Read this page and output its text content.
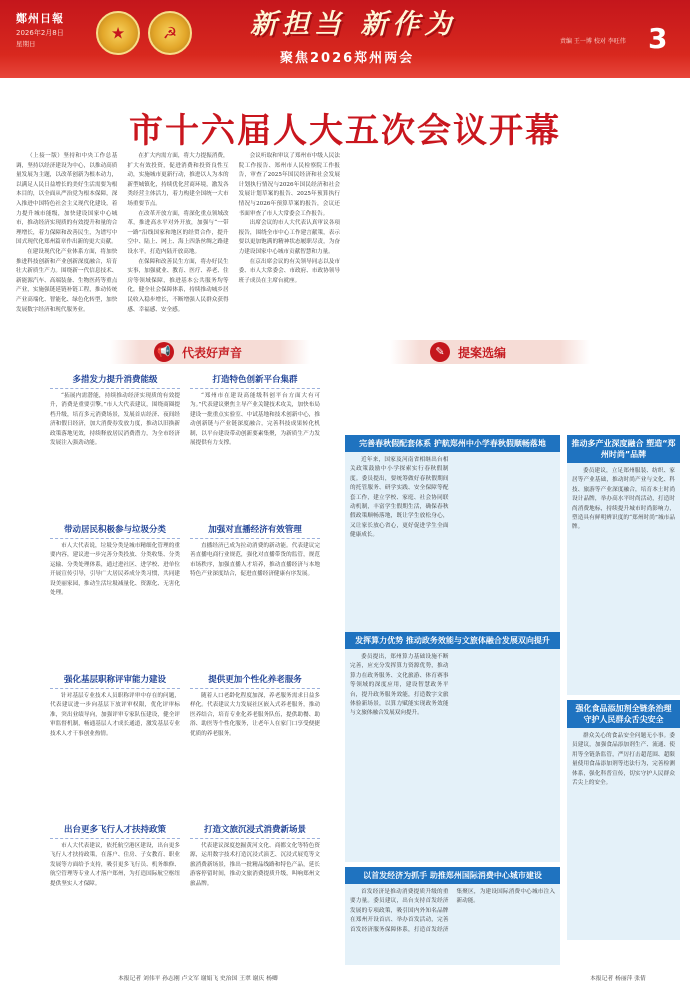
鄭州日報
2026年2月8日
星期日
★ ☭	新担当 新作为
聚焦2026郑州两会
责编 王一博 校对 李旺伟 3
市十六届人大五次会议开幕

（上接一版）坚持和中央工作总基调，坚持以经济建设为中心，以推动高质量发展为主题，以改革创新为根本动力，以满足人民日益增长的美好生活需要为根本目的，以全面从严治党为根本保障，深入推进中国特色社会主义现代化建设，着力提升城市能级，加快建设国家中心城市，推动经济实现质的有效提升和量的合理增长，着力保障和改善民生，为谱写中国式现代化郑州篇章作出新的更大贡献。

在建设现代化产业体系方面，将加快推进科技创新和产业创新深度融合，培育壮大新质生产力。围绕新一代信息技术、新能源汽车、高端装备、生物医药等重点产业，实施强链延链补链工程，推动传统产业高端化、智能化、绿色化转型，加快发展数字经济和现代服务业。

在扩大内需方面，将大力提振消费，扩大有效投资，促进消费和投资良性互动，实施城市更新行动，推进以人为本的新型城镇化，持续优化营商环境，激发各类经营主体活力，着力构建全国统一大市场重要节点。

在改革开放方面，将深化重点领域改革，推进高水平对外开放，加强与“一带一路”沿线国家和地区的经贸合作，提升空中、陆上、网上、海上四条丝绸之路建设水平，打造内陆开放高地。

在保障和改善民生方面，将办好民生实事，加强就业、教育、医疗、养老、住房等领域保障，推进基本公共服务均等化，健全社会保障体系，持续推动城乡居民收入稳步增长，不断增强人民群众获得感、幸福感、安全感。

会议听取和审议了郑州市中级人民法院工作报告、郑州市人民检察院工作报告，审查了2025年国民经济和社会发展计划执行情况与2026年国民经济和社会发展计划草案的报告、2025年预算执行情况与2026年预算草案的报告，会议还书面审查了市人大常委会工作报告。

出席会议的市人大代表认真审议各项报告，围绕全市中心工作建言献策，表示要以更加饱满的精神状态履职尽责，为奋力建设国家中心城市贡献智慧和力量。

在京出席会议的有关领导同志以及市委、市人大常委会、市政府、市政协领导班子成员在主席台就座。

📢 代表好声音	✎	提案选编
多措发力提升消费能级
“拓展内需潜能，持续推动经济实现质的有效提升，消费是重要引擎。”市人大代表建议，围绕商圈提档升级，培育多元消费场景，发展首店经济、夜间经济和假日经济，加大消费券发放力度，推动以旧换新政策落地见效，持续释放居民消费潜力，为全市经济发展注入强劲动能。
打造特色创新平台集群
“郑州市在建设高能级科创平台方面大有可为。”代表建议聚焦主导产业关键技术攻关，加快布局建设一批重点实验室、中试基地和技术创新中心，推动创新链与产业链深度融合，完善科技成果转化机制，以平台建设带动创新要素集聚，为新质生产力发展提供有力支撑。
带动居民积极参与垃圾分类
市人大代表说，垃圾分类是城市精细化管理的重要内容，建议进一步完善分类投放、分类收集、分类运输、分类处理体系，通过进社区、进学校、进单位开展宣传引导，引导广大居民养成分类习惯，共同建设美丽家园，推动生活垃圾减量化、资源化、无害化处理。
加强对直播经济有效管理
直播经济已成为拉动消费的新动能。代表建议完善直播电商行业规范，强化对直播带货的监管，规范市场秩序，加强直播人才培养，推动直播经济与本地特色产业深度结合，促进直播经济健康有序发展。
强化基层职称评审能力建设
针对基层专业技术人员职称评审中存在的问题，代表建议进一步向基层下放评审权限，优化评审标准，突出业绩导向，加强评审专家队伍建设，健全评审监督机制，畅通基层人才成长通道，激发基层专业技术人才干事创业热情。
提供更加个性化养老服务
随着人口老龄化程度加深，养老服务需求日益多样化。代表建议大力发展社区嵌入式养老服务，推动医养结合，培育专业化养老服务队伍，提供助餐、助浴、助医等个性化服务，让老年人在家门口享受便捷优质的养老服务。
出台更多飞行人才扶持政策
市人大代表建议，依托航空港区建设，出台更多飞行人才扶持政策，在落户、住房、子女教育、职业发展等方面给予支持，吸引更多飞行员、机务维修、航空管理等专业人才落户郑州，为打造国际航空枢纽提供坚实人才保障。
打造文旅沉浸式消费新场景
代表建议深度挖掘黄河文化、商都文化等特色资源，运用数字技术打造沉浸式演艺、沉浸式展览等文旅消费新场景，推出一批精品线路和特色产品，延长游客停留时间，推动文旅消费提质升级，叫响郑州文旅品牌。
完善春秋假配套体系 护航郑州中小学春秋假顺畅落地
近年来，国家及河南省相继出台相关政策鼓励中小学探索实行春秋假制度。委员提出，要统筹做好春秋假期间的托管服务、研学实践、安全保障等配套工作，建立学校、家庭、社会协同联动机制，丰富学生假期生活，确保春秋假政策顺畅落地，既让学生放松身心，又让家长放心省心，更好促进学生全面健康成长。
推动多产业深度融合 塑造“郑州时尚”品牌
委员建议，立足郑州服装、纺织、家居等产业基础，推动时尚产业与文化、科技、旅游等产业深度融合，培育本土时尚设计品牌，举办高水平时尚活动，打造时尚消费地标，持续提升城市时尚影响力，塑造具有鲜明辨识度的“郑州时尚”城市品牌。
发挥算力优势 推动政务效能与文旅体融合发展双向提升
委员提出，郑州算力基础设施不断完善，应充分发挥算力资源优势，推动算力在政务服务、文化旅游、体育赛事等领域的深度应用，建设智慧政务平台，提升政务服务效能，打造数字文旅体验新场景，以算力赋能实现政务效能与文旅体融合发展双向提升。
强化食品添加剂全链条治理 守护人民群众舌尖安全
群众关心的食品安全问题无小事。委员建议，加强食品添加剂生产、流通、使用等全链条监管，严厉打击超范围、超限量使用食品添加剂等违法行为，完善检测体系，强化科普宣传，切实守护人民群众舌尖上的安全。
以首发经济为抓手 助推郑州国际消费中心城市建设
首发经济是推动消费提质升级的重要力量。委员建议，出台支持首发经济发展的专项政策，吸引国内外知名品牌在郑州开设首店、举办首发活动，完善首发经济服务保障体系，打造首发经济集聚区，为建设国际消费中心城市注入新动能。
本报记者 刘伟平 孙志刚 卢文军 谢娟飞 史治国 王翠 谢庆 杨卿	本报记者 杨丽萍 张倩
